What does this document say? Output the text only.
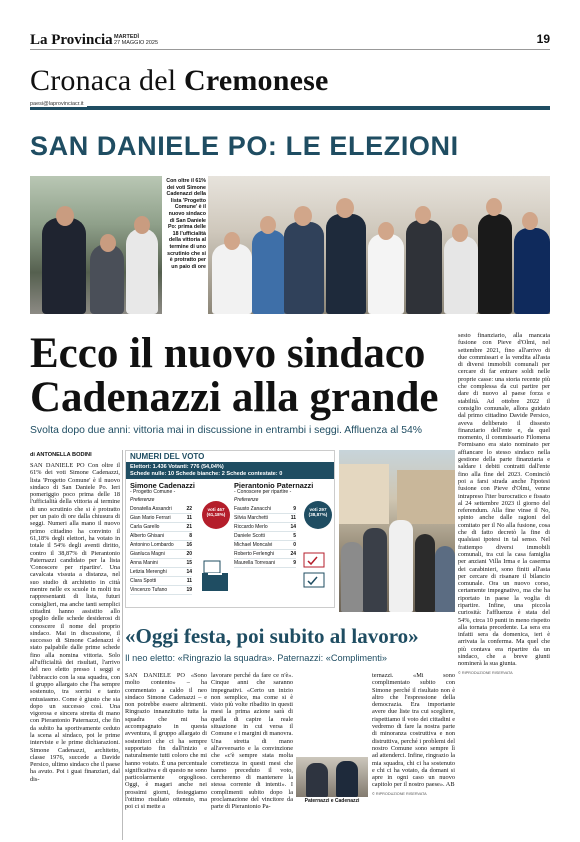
La Provincia MARTEDÌ
27 MAGGIO 2025	19
Cronaca del Cremonese
paesi@laprovinciacr.it
SAN DANIELE PO: LE ELEZIONI
Con oltre il 61% dei voti Simone Cadenazzi della lista 'Progetto Comune' è il nuovo sindaco di San Daniele Po: prima delle 18 l'ufficialità della vittoria al termine di uno scrutinio che si è protratto per un paio di ore
Ecco il nuovo sindaco Cadenazzi alla grande
Svolta dopo due anni: vittoria mai in discussione in entrambi i seggi. Affluenza al 54%
di ANTONELLA BODINI
SAN DANIELE PO Con oltre il 61% dei voti Simone Cadenazzi, lista 'Progetto Comune' è il nuovo sindaco di San Daniele Po. Ieri pomeriggio poco prima delle 18 l'ufficialità della vittoria al termine di uno scrutinio che si è protratto per un paio di ore dalla chiusura di seggi. Numeri alla mano il nuovo primo cittadino ha convinto il 61,18% degli elettori, ha votato in totale il 54% degli aventi diritto, contro il 38,87% di Pierantonio Paternazzi candidato per la lista 'Conoscere per ripartire'. Una cavalcata vissuta a distanza, nel suo studio di architetto in città mentre nelle ex scuole in molti tra rappresentanti di lista, futuri consiglieri, ma anche tanti semplici cittadini hanno assistito allo spoglio delle schede desiderosi di conoscere il nome del proprio sindaco. Mai in discussione, il successo di Simone Cadenazzi è stato palpabile dalle prime schede fino alla nomina vittoria. Solo all'ufficialità dei risultati, l'arrivo del neo eletto presso i seggi e l'abbraccio con la sua squadra, con il gruppo allargato che l'ha sempre sostenuto, tra sorrisi e tanto entusiasmo. Come è giusto che sia dopo un successo così. Una vigorosa e sincera stretta di mano con Pierantonio Paternazzi, che fin da subito ha sportivamente ceduto la scena al sindaco, poi le prime interviste e le prime dichiarazioni. Simone Cadenazzi, architetto, classe 1976, succede a Davide Persico, ultimo sindaco che il paese ha avuto. Poi i guai finanziari, dal dis-
NUMERI DEL VOTO
Elettori: 1.436 Votanti: 776 (54,04%)
Schede nulle: 10 Schede bianche: 2 Schede contestate: 0
Simone Cadenazzi
- Progetto Comune -
Preferenze
Donatella Assandri	22
Gian Mario Ferrari	11
Carla Garello	21
Alberto Ghisani	8
Antonino Lombardo	16
Gianluca Magni	20
Anna Manini	15
Letizia Merenghi	14
Clara Spotti	11
Vincenzo Tufano	19
voti 467
(61,18%)
Pierantonio Paternazzi
- Conoscere per ripartire -
Preferenze
Fausto Zanacchi	9
Silvia Marchetti	11
Riccardo Merlo	14
Daniele Scotti	5
Michael Moncalvi	0
Roberto Ferlenghi	24
Maurella Torresani	9
voti 297
(38,87%)
sesto finanziario, alla mancata fusione con Pieve d'Olmi, nel settembre 2021, fino all'arrivo di due commissari e la vendita all'asta di diversi immobili comunali per cercare di far entrare soldi nelle proprie casse: una storia recente più che complessa da cui partire per dare di nuovo al paese forza e stabilità. Ad ottobre 2022 il consiglio comunale, allora guidato dal primo cittadino Davide Persico, aveva deliberato il dissesto finanziario dell'ente e, da quel momento, il commissario Filomena Formisano era stato nominato per affiancare lo stesso sindaco nella gestione della parte finanziaria e saldare i debiti contratti dall'ente fino alla fine del 2023. Cominciò poi a farsi strada anche l'ipotesi fusione con Pieve d'Olmi, venne intrapreso l'iter burocratico e fissato al 24 settembre 2023 il giorno del referendum. Alla fine vinse il No, spinto anche dalle ragioni del comitato per il No alla fusione, cosa che di fatto decretò la fine di qualsiasi ipotesi in tal senso. Nel frattempo diversi immobili comunali, tra cui la casa famiglia per anziani Villa Irma e la caserma dei carabinieri, sono finiti all'asta per cercare di risanare il bilancio comunale. Ora un nuovo corso, certamente impegnativo, ma che ha riportato in paese la voglia di ripartire. Infine, una piccola curiosità: l'affluenza è stata del 54%, circa 10 punti in meno rispetto alla tornata precedente. La sera era infatti sera da domenica, ieri è arrivata la conferma. Ma quel che più contava era ripartire da un sindaco, che a breve giunti nominerà la sua giunta.
© RIPRODUZIONE RISERVATA
«Oggi festa, poi subito al lavoro»
Il neo eletto: «Ringrazio la squadra». Paternazzi: «Complimenti»
SAN DANIELE PO «Sono molto contento» – ha commentato a caldo il neo sindaco Simone Cadenazzi – e non potrebbe essere altrimenti. Ringrazio innanzitutto tutta la squadra che mi ha accompagnato in questa avventura, il gruppo allargato di sostenitori che ci ha sempre supportato fin dall'inizio e naturalmente tutti coloro che mi hanno votato. È una percentuale significativa e di questo ne sono particolarmente orgoglioso. Oggi, è magari anche nei prossimi giorni, festeggiamo l'ottimo risultato ottenuto, ma poi ci si mette a
lavorare perché da fare ce n'è». Cinque anni che saranno impegnativi. «Certo un inizio non semplice, ma come si è visto più volte ribadito in questi mesi la prima azione sarà di quella di capire la reale situazione in cui versa il Comune e i margini di manovra. Una stretta di mano all'avversario e la convinzione che «c'è sempre stata molta correttezza in questi mesi che hanno preceduto il voto, cercheremo di mantenere la stessa corrente di intenti». I complimenti subito dopo la proclamazione del vincitore da parte di Pierantonio Pa-
ternazzi. «Mi sono complimentato subito con Simone perché il risultato non è altro che l'espressione della democrazia. Era importante avere due liste tra cui scegliere, rispettiamo il voto dei cittadini e vedremo di fare la nostra parte di minoranza costruttiva e non distruttiva, perché i problemi del nostro Comune sono sempre lì ad attenderci. Infine, ringrazio la mia squadra, chi ci ha sostenuto e chi ci ha votato, da domani si apre in ogni caso un nuovo capitolo per il nostro paese». AB
© RIPRODUZIONE RISERVATA
Paternazzi e Cadenazzi
